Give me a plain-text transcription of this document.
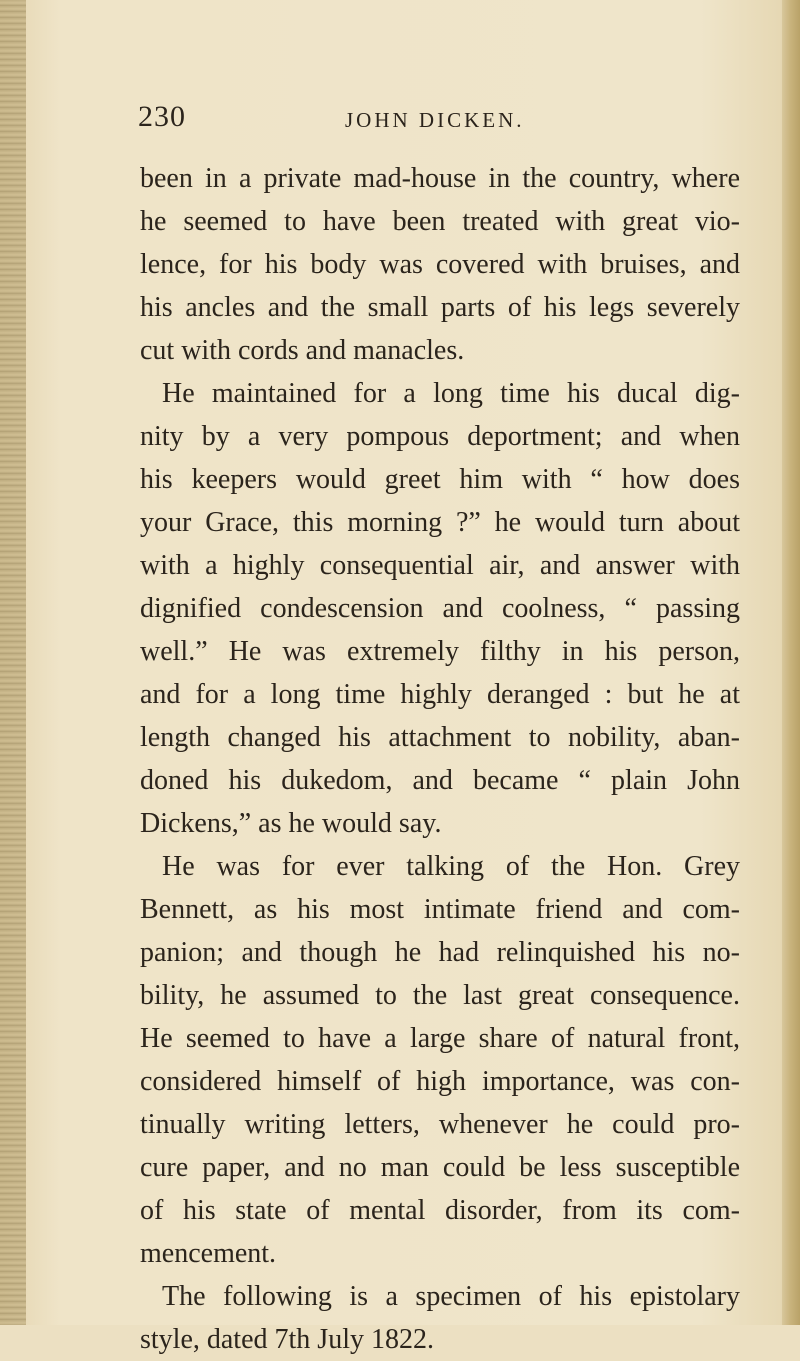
230	JOHN DICKEN.
been in a private mad-house in the country, where
he seemed to have been treated with great vio-
lence, for his body was covered with bruises, and
his ancles and the small parts of his legs severely
cut with cords and manacles.
He maintained for a long time his ducal dig-
nity by a very pompous deportment; and when
his keepers would greet him with “ how does
your Grace, this morning ?” he would turn about
with a highly consequential air, and answer with
dignified condescension and coolness, “ passing
well.” He was extremely filthy in his person,
and for a long time highly deranged : but he at
length changed his attachment to nobility, aban-
doned his dukedom, and became “ plain John
Dickens,” as he would say.
He was for ever talking of the Hon. Grey
Bennett, as his most intimate friend and com-
panion; and though he had relinquished his no-
bility, he assumed to the last great consequence.
He seemed to have a large share of natural front,
considered himself of high importance, was con-
tinually writing letters, whenever he could pro-
cure paper, and no man could be less susceptible
of his state of mental disorder, from its com-
mencement.
The following is a specimen of his epistolary
style, dated 7th July 1822.
